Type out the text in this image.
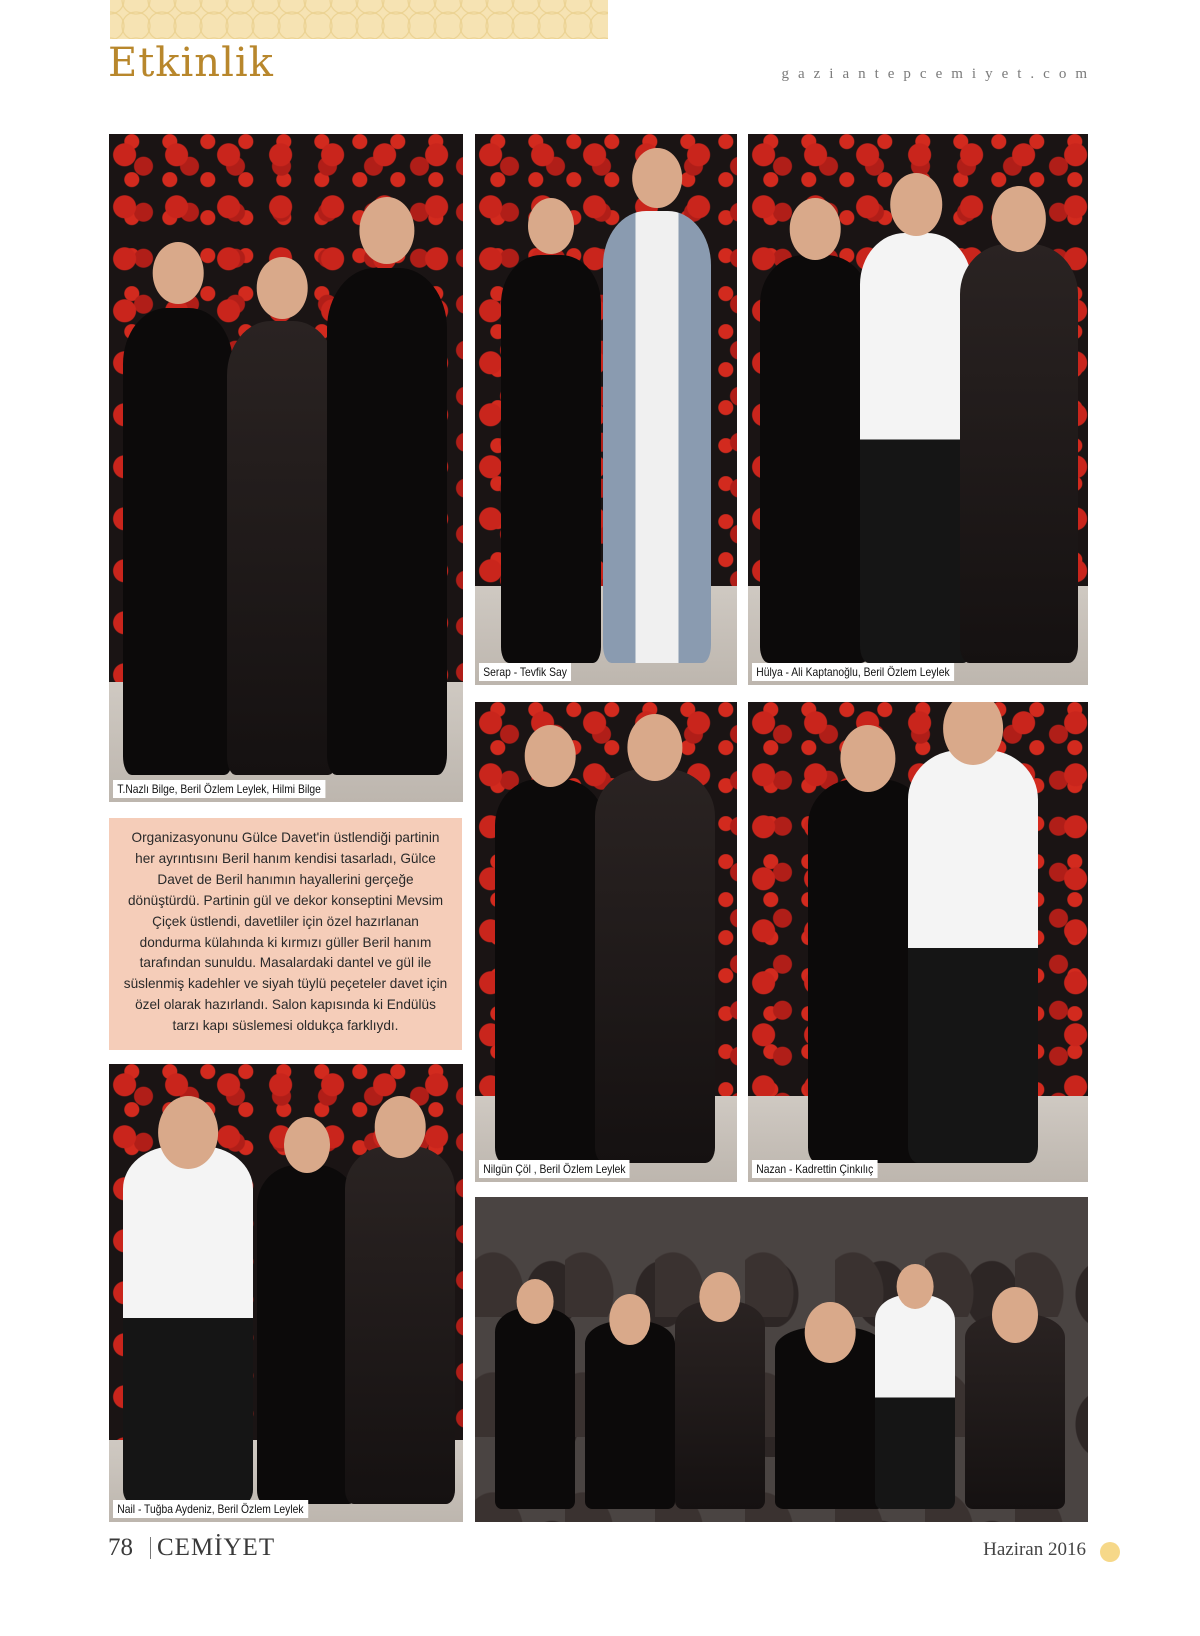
Etkinlik	gaziantepcemiyet.com
T.Nazlı Bilge, Beril Özlem Leylek, Hilmi Bilge
Serap - Tevfik Say	Hülya - Ali Kaptanoğlu, Beril Özlem Leylek
Organizasyonunu Gülce Davet'in üstlendiği partinin her ayrıntısını Beril hanım kendisi tasarladı, Gülce Davet de Beril hanımın hayallerini gerçeğe dönüştürdü. Partinin gül ve dekor konseptini Mevsim Çiçek üstlendi, davetliler için özel hazırlanan dondurma külahında ki kırmızı güller Beril hanım tarafından sunuldu. Masalardaki dantel ve gül ile süslenmiş kadehler ve siyah tüylü peçeteler davet için özel olarak hazırlandı. Salon kapısında ki Endülüs tarzı kapı süslemesi oldukça farklıydı.
Nilgün Çöl , Beril Özlem Leylek	Nazan - Kadrettin Çinkılıç
Nail - Tuğba Aydeniz, Beril Özlem Leylek
78 CEMİYET	Haziran 2016
